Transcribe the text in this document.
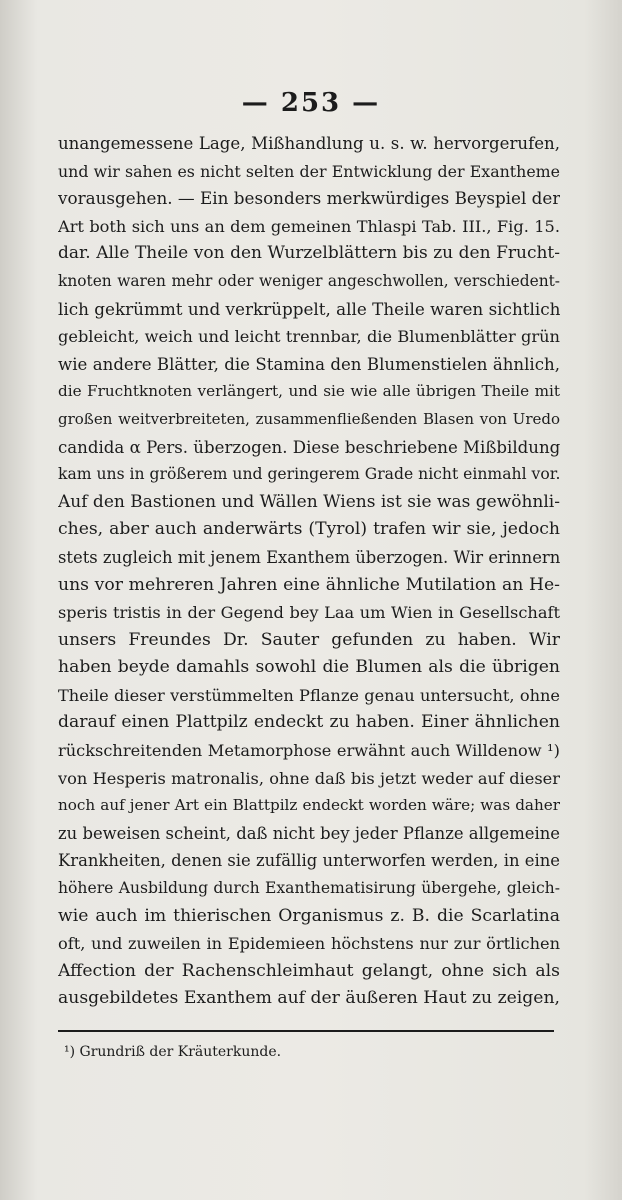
— 253 —
unangemessene Lage, Mißhandlung u. s. w. hervorgerufen,
und wir sahen es nicht selten der Entwicklung der Exantheme
vorausgehen. — Ein besonders merkwürdiges Beyspiel der
Art both sich uns an dem gemeinen Thlaspi Tab. III., Fig. 15.
dar. Alle Theile von den Wurzelblättern bis zu den Frucht-
knoten waren mehr oder weniger angeschwollen, verschiedent-
lich gekrümmt und verkrüppelt, alle Theile waren sichtlich
gebleicht, weich und leicht trennbar, die Blumenblätter grün
wie andere Blätter, die Stamina den Blumenstielen ähnlich,
die Fruchtknoten verlängert, und sie wie alle übrigen Theile mit
großen weitverbreiteten, zusammenfließenden Blasen von Uredo
candida α Pers. überzogen. Diese beschriebene Mißbildung
kam uns in größerem und geringerem Grade nicht einmahl vor.
Auf den Bastionen und Wällen Wiens ist sie was gewöhnli-
ches, aber auch anderwärts (Tyrol) trafen wir sie, jedoch
stets zugleich mit jenem Exanthem überzogen. Wir erinnern
uns vor mehreren Jahren eine ähnliche Mutilation an He-
speris tristis in der Gegend bey Laa um Wien in Gesellschaft
unsers Freundes Dr. Sauter gefunden zu haben. Wir
haben beyde damahls sowohl die Blumen als die übrigen
Theile dieser verstümmelten Pflanze genau untersucht, ohne
darauf einen Plattpilz endeckt zu haben. Einer ähnlichen
rückschreitenden Metamorphose erwähnt auch Willdenow ¹)
von Hesperis matronalis, ohne daß bis jetzt weder auf dieser
noch auf jener Art ein Blattpilz endeckt worden wäre; was daher
zu beweisen scheint, daß nicht bey jeder Pflanze allgemeine
Krankheiten, denen sie zufällig unterworfen werden, in eine
höhere Ausbildung durch Exanthematisirung übergehe, gleich-
wie auch im thierischen Organismus z. B. die Scarlatina
oft, und zuweilen in Epidemieen höchstens nur zur örtlichen
Affection der Rachenschleimhaut gelangt, ohne sich als
ausgebildetes Exanthem auf der äußeren Haut zu zeigen,
¹) Grundriß der Kräuterkunde.
